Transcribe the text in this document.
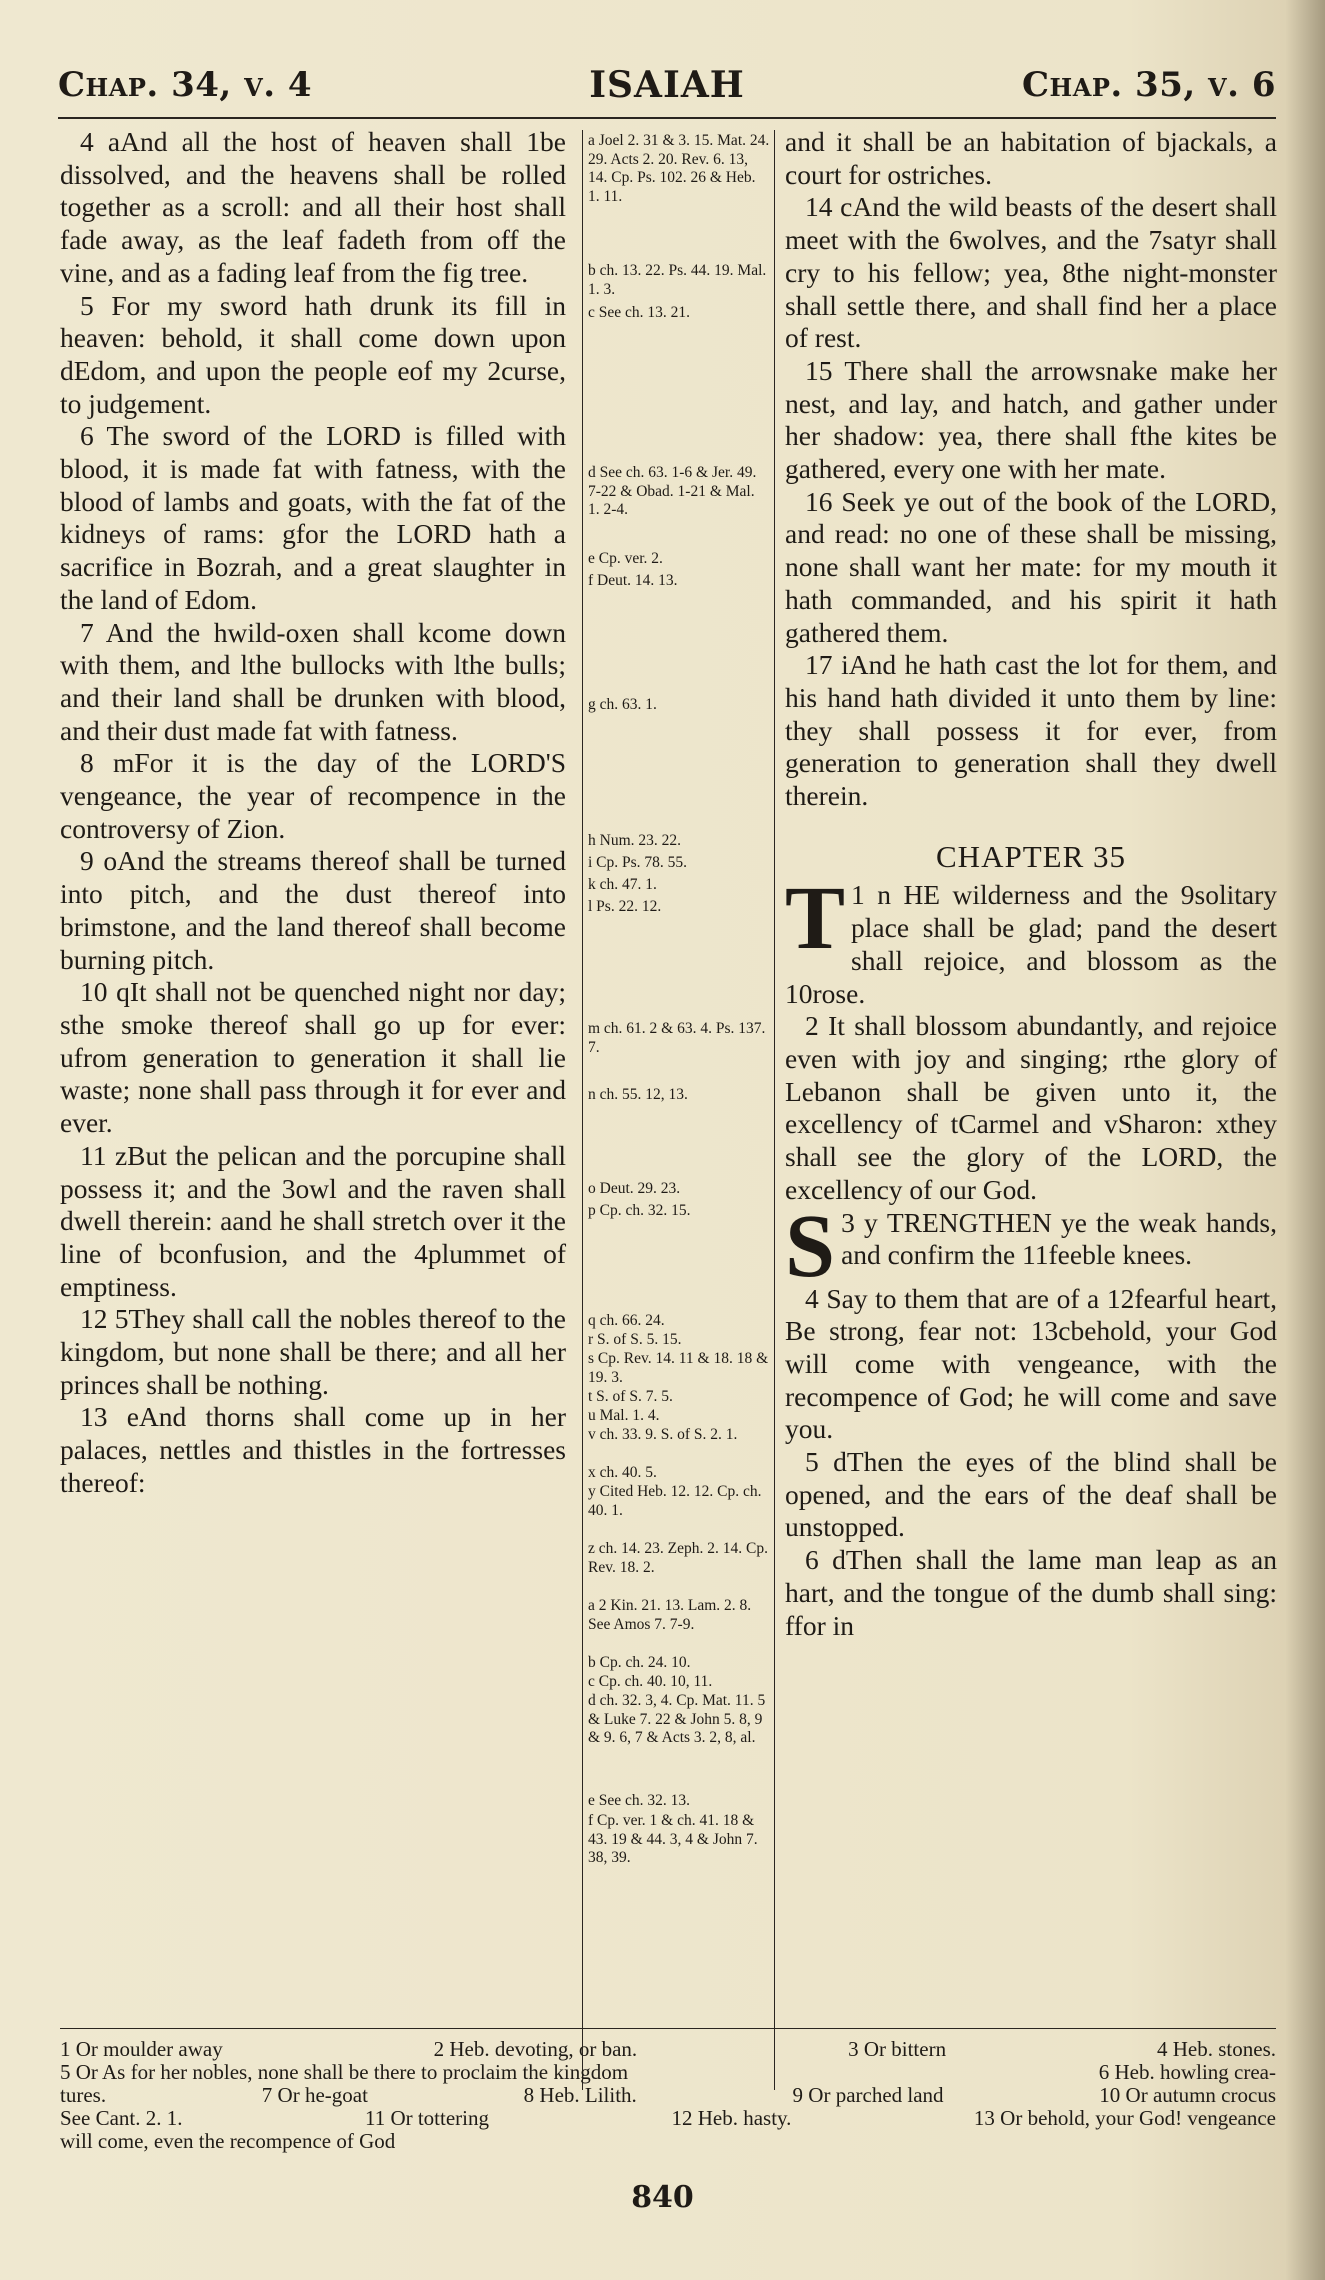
Chap. 34, v. 4	ISAIAH	Chap. 35, v. 6

4 aAnd all the host of heaven shall 1be dissolved, and the heavens shall be rolled together as a scroll: and all their host shall fade away, as the leaf fadeth from off the vine, and as a fading leaf from the fig tree.

5 For my sword hath drunk its fill in heaven: behold, it shall come down upon dEdom, and upon the people eof my 2curse, to judgement.

6 The sword of the LORD is filled with blood, it is made fat with fatness, with the blood of lambs and goats, with the fat of the kidneys of rams: gfor the LORD hath a sacrifice in Bozrah, and a great slaughter in the land of Edom.

7 And the hwild-oxen shall kcome down with them, and lthe bullocks with lthe bulls; and their land shall be drunken with blood, and their dust made fat with fatness.

8 mFor it is the day of the LORD'S vengeance, the year of recompence in the controversy of Zion.

9 oAnd the streams thereof shall be turned into pitch, and the dust thereof into brimstone, and the land thereof shall become burning pitch.

10 qIt shall not be quenched night nor day; sthe smoke thereof shall go up for ever: ufrom generation to generation it shall lie waste; none shall pass through it for ever and ever.

11 zBut the pelican and the porcupine shall possess it; and the 3owl and the raven shall dwell therein: aand he shall stretch over it the line of bconfusion, and the 4plummet of emptiness.

12 5They shall call the nobles thereof to the kingdom, but none shall be there; and all her princes shall be nothing.

13 eAnd thorns shall come up in her palaces, nettles and thistles in the fortresses thereof:

a Joel 2. 31 & 3. 15. Mat. 24. 29. Acts 2. 20. Rev. 6. 13, 14. Cp. Ps. 102. 26 & Heb. 1. 11.
b ch. 13. 22. Ps. 44. 19. Mal. 1. 3.
c See ch. 13. 21.
d See ch. 63. 1-6 & Jer. 49. 7-22 & Obad. 1-21 & Mal. 1. 2-4.
e Cp. ver. 2.
f Deut. 14. 13.
g ch. 63. 1.
h Num. 23. 22.
i Cp. Ps. 78. 55.
k ch. 47. 1.
l Ps. 22. 12.
m ch. 61. 2 & 63. 4. Ps. 137. 7.
n ch. 55. 12, 13.
o Deut. 29. 23.
p Cp. ch. 32. 15.
q ch. 66. 24.
r S. of S. 5. 15.
s Cp. Rev. 14. 11 & 18. 18 & 19. 3.
t S. of S. 7. 5.
u Mal. 1. 4.
v ch. 33. 9. S. of S. 2. 1.
x ch. 40. 5.
y Cited Heb. 12. 12. Cp. ch. 40. 1.
z ch. 14. 23. Zeph. 2. 14. Cp. Rev. 18. 2.
a 2 Kin. 21. 13. Lam. 2. 8. See Amos 7. 7-9.
b Cp. ch. 24. 10.
c Cp. ch. 40. 10, 11.
d ch. 32. 3, 4. Cp. Mat. 11. 5 & Luke 7. 22 & John 5. 8, 9 & 9. 6, 7 & Acts 3. 2, 8, al.
e See ch. 32. 13.
f Cp. ver. 1 & ch. 41. 18 & 43. 19 & 44. 3, 4 & John 7. 38, 39.

and it shall be an habitation of bjackals, a court for ostriches.

14 cAnd the wild beasts of the desert shall meet with the 6wolves, and the 7satyr shall cry to his fellow; yea, 8the night-monster shall settle there, and shall find her a place of rest.

15 There shall the arrowsnake make her nest, and lay, and hatch, and gather under her shadow: yea, there shall fthe kites be gathered, every one with her mate.

16 Seek ye out of the book of the LORD, and read: no one of these shall be missing, none shall want her mate: for my mouth it hath commanded, and his spirit it hath gathered them.

17 iAnd he hath cast the lot for them, and his hand hath divided it unto them by line: they shall possess it for ever, from generation to generation shall they dwell therein.

CHAPTER 35

1 n
T HE wilderness and the 9solitary place shall be glad; pand the desert shall rejoice, and blossom as the 10rose.

2 It shall blossom abundantly, and rejoice even with joy and singing; rthe glory of Lebanon shall be given unto it, the excellency of tCarmel and vSharon: xthey shall see the glory of the LORD, the excellency of our God.

3 y
S TRENGTHEN ye the weak hands, and confirm the 11feeble knees.

4 Say to them that are of a 12fearful heart, Be strong, fear not: 13cbehold, your God will come with vengeance, with the recompence of God; he will come and save you.

5 dThen the eyes of the blind shall be opened, and the ears of the deaf shall be unstopped.

6 dThen shall the lame man leap as an hart, and the tongue of the dumb shall sing: ffor in

1 Or moulder away	2 Heb. devoting, or ban.	3 Or bittern	4 Heb. stones.
5 Or As for her nobles, none shall be there to proclaim the kingdom	6 Heb. howling crea-
tures.	7 Or he-goat	8 Heb. Lilith.	9 Or parched land	10 Or autumn crocus
See Cant. 2. 1.	11 Or tottering	12 Heb. hasty.	13 Or behold, your God! vengeance
will come, even the recompence of God
840
